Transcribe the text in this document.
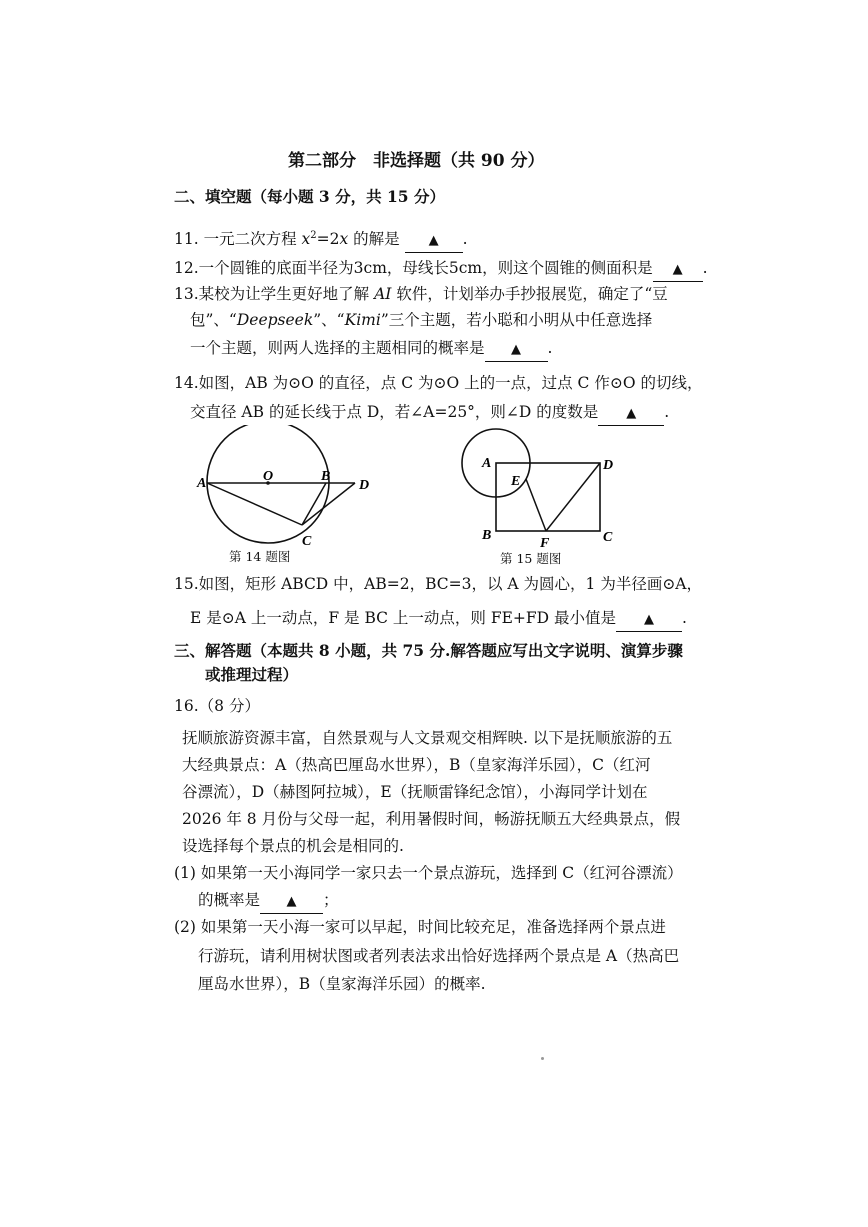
第二部分　非选择题（共 90 分）
二、填空题（每小题 3 分，共 15 分）
11. 一元二次方程 $x^2=2x$ 的解是 ▲ .
12.一个圆锥的底面半径为3cm，母线长5cm，则这个圆锥的侧面积是 ▲ .
13.某校为让学生更好地了解 AI 软件，计划举办手抄报展览，确定了“豆
包”、“Deepseek”、“Kimi”三个主题，若小聪和小明从中任意选择
一个主题，则两人选择的主题相同的概率是 ▲ .
14.如图，AB 为⊙O 的直径，点 C 为⊙O 上的一点，过点 C 作⊙O 的切线，
交直径 AB 的延长线于点 D，若∠A=25°，则∠D 的度数是 ▲ .
A	O	B
D
C
第 14 题图
A
E
D
B
F	C
第 15 题图
15.如图，矩形 ABCD 中，AB=2，BC=3，以 A 为圆心，1 为半径画⊙A，
E 是⊙A 上一动点，F 是 BC 上一动点，则 FE+FD 最小值是 ▲ .
三、解答题（本题共 8 小题，共 75 分.解答题应写出文字说明、演算步骤
或推理过程）
16.（8 分）
抚顺旅游资源丰富，自然景观与人文景观交相辉映. 以下是抚顺旅游的五
大经典景点：A（热高巴厘岛水世界），B（皇家海洋乐园），C（红河
谷漂流），D（赫图阿拉城），E（抚顺雷锋纪念馆），小海同学计划在
2026 年 8 月份与父母一起，利用暑假时间，畅游抚顺五大经典景点，假
设选择每个景点的机会是相同的.
(1) 如果第一天小海同学一家只去一个景点游玩，选择到 C（红河谷漂流）
的概率是 ▲ ；
(2) 如果第一天小海一家可以早起，时间比较充足，准备选择两个景点进
行游玩，请利用树状图或者列表法求出恰好选择两个景点是 A（热高巴
厘岛水世界），B（皇家海洋乐园）的概率.
